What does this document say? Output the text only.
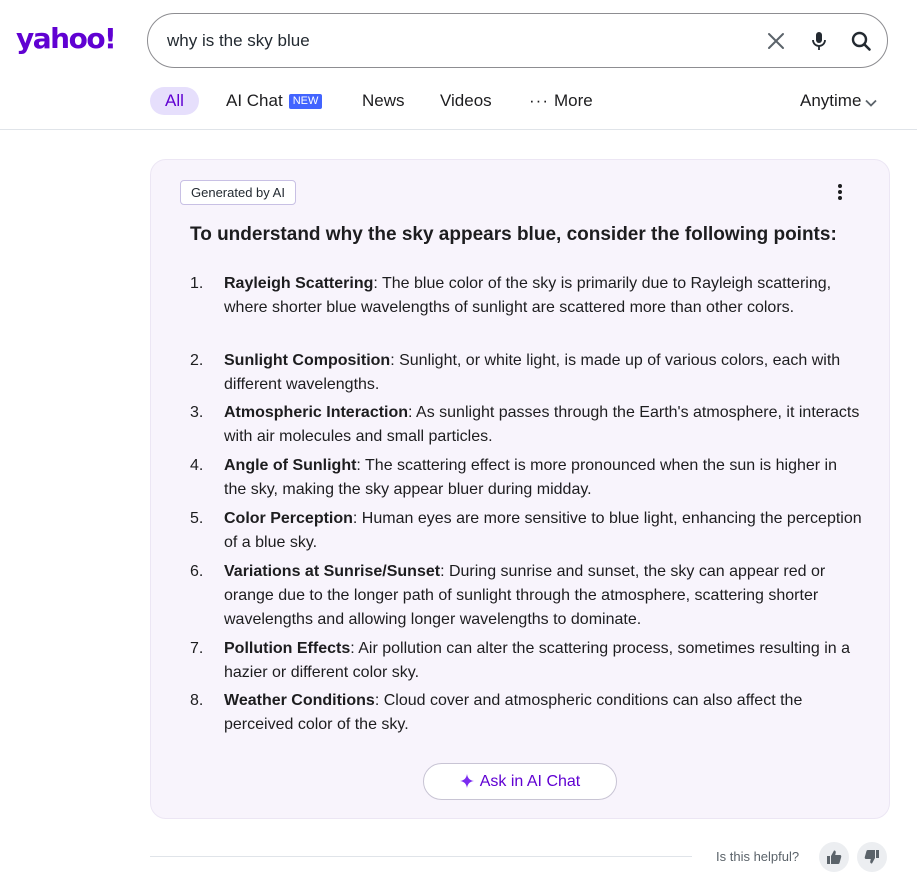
yahoo!
why is the sky blue
All	AI Chat NEW	News Videos ··· More	Anytime
Generated by AI
To understand why the sky appears blue, consider the following points:
1. Rayleigh Scattering: The blue color of the sky is primarily due to Rayleigh scattering, where shorter blue wavelengths of sunlight are scattered more than other colors.
2. Sunlight Composition: Sunlight, or white light, is made up of various colors, each with different wavelengths.
3. Atmospheric Interaction: As sunlight passes through the Earth's atmosphere, it interacts with air molecules and small particles.
4. Angle of Sunlight: The scattering effect is more pronounced when the sun is higher in the sky, making the sky appear bluer during midday.
5. Color Perception: Human eyes are more sensitive to blue light, enhancing the perception of a blue sky.
6. Variations at Sunrise/Sunset: During sunrise and sunset, the sky can appear red or orange due to the longer path of sunlight through the atmosphere, scattering shorter wavelengths and allowing longer wavelengths to dominate.
7. Pollution Effects: Air pollution can alter the scattering process, sometimes resulting in a hazier or different color sky.
8. Weather Conditions: Cloud cover and atmospheric conditions can also affect the perceived color of the sky.
Ask in AI Chat
Is this helpful?
